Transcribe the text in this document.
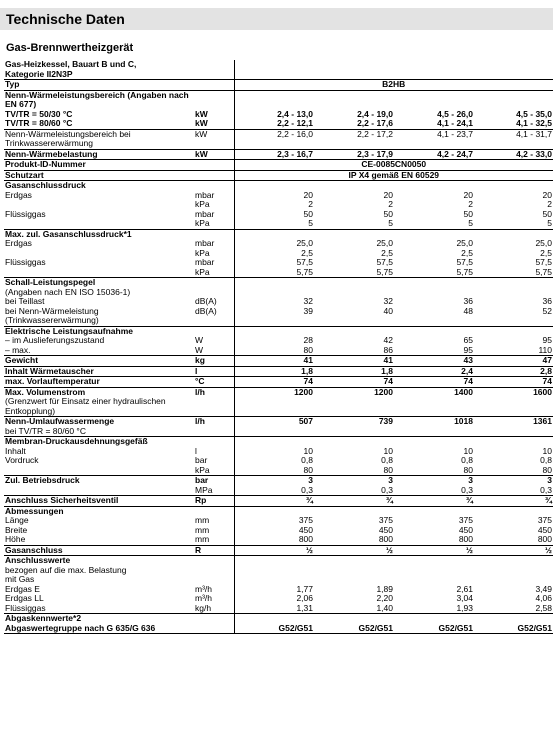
Technische Daten
Gas-Brennwertheizgerät
Gas-Heizkessel, Bauart B und C,					
Kategorie II2N3P					
Typ		B2HB			
Nenn-Wärmeleistungsbereich (Angaben nach EN 677)					
TV/TR = 50/30 °C	kW	2,4 - 13,0	2,4 - 19,0	4,5 - 26,0	4,5 - 35,0
TV/TR = 80/60 °C	kW	2,2 - 12,1	2,2 - 17,6	4,1 - 24,1	4,1 - 32,5
Nenn-Wärmeleistungsbereich bei Trinkwassererwärmung	kW	2,2 - 16,0	2,2 - 17,2	4,1 - 23,7	4,1 - 31,7
Nenn-Wärmebelastung	kW	2,3 - 16,7	2,3 - 17,9	4,2 - 24,7	4,2 - 33,0
Produkt-ID-Nummer		CE-0085CN0050			
Schutzart		IP X4 gemäß EN 60529			
Gasanschlussdruck					
Erdgas	mbar	20	20	20	20
	kPa	2	2	2	2
Flüssiggas	mbar	50	50	50	50
	kPa	5	5	5	5
Max. zul. Gasanschlussdruck*1					
Erdgas	mbar	25,0	25,0	25,0	25,0
	kPa	2,5	2,5	2,5	2,5
Flüssiggas	mbar	57,5	57,5	57,5	57,5
	kPa	5,75	5,75	5,75	5,75
Schall-Leistungspegel					
(Angaben nach EN ISO 15036-1)					
bei Teillast	dB(A)	32	32	36	36
bei Nenn-Wärmeleistung (Trinkwassererwärmung)	dB(A)	39	40	48	52
Elektrische Leistungsaufnahme					
– im Auslieferungszustand	W	28	42	65	95
– max.	W	80	86	95	110
Gewicht	kg	41	41	43	47
Inhalt Wärmetauscher	l	1,8	1,8	2,4	2,8
max. Vorlauftemperatur	°C	74	74	74	74
Max. Volumenstrom	l/h	1200	1200	1400	1600
(Grenzwert für Einsatz einer hydraulischen Entkopplung)					
Nenn-Umlaufwassermenge	l/h	507	739	1018	1361
bei TV/TR = 80/60 °C					
Membran-Druckausdehnungsgefäß					
Inhalt	l	10	10	10	10
Vordruck	bar	0,8	0,8	0,8	0,8
	kPa	80	80	80	80
Zul. Betriebsdruck	bar	3	3	3	3
	MPa	0,3	0,3	0,3	0,3
Anschluss Sicherheitsventil	Rp	¾	¾	¾	¾
Abmessungen					
Länge	mm	375	375	375	375
Breite	mm	450	450	450	450
Höhe	mm	800	800	800	800
Gasanschluss	R	½	½	½	½
Anschlusswerte					
bezogen auf die max. Belastung					
mit Gas					
Erdgas E	m³/h	1,77	1,89	2,61	3,49
Erdgas LL	m³/h	2,06	2,20	3,04	4,06
Flüssiggas	kg/h	1,31	1,40	1,93	2,58
Abgaskennwerte*2					
Abgaswertegruppe nach G 635/G 636		G52/G51	G52/G51	G52/G51	G52/G51
